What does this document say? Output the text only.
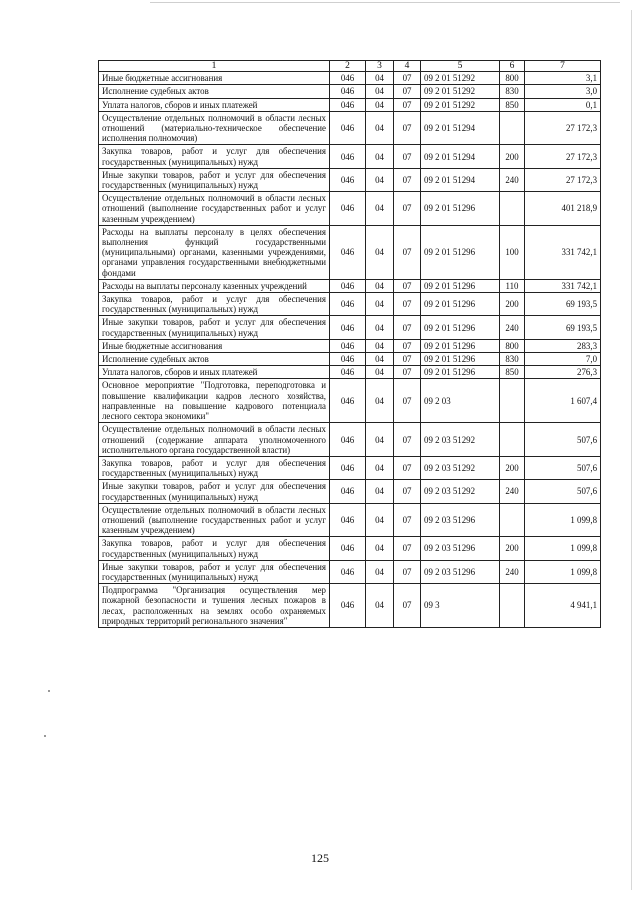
1	2	3	4	5	6	7
Иные бюджетные ассигнования	046	04	07	09 2 01 51292	800	3,1
Исполнение судебных актов	046	04	07	09 2 01 51292	830	3,0
Уплата налогов, сборов и иных платежей	046	04	07	09 2 01 51292	850	0,1
Осуществление отдельных полномочий в области лесных отношений (материально-техническое обеспечение исполнения полномочия)	046	04	07	09 2 01 51294		27 172,3
Закупка товаров, работ и услуг для обеспечения государственных (муниципальных) нужд	046	04	07	09 2 01 51294	200	27 172,3
Иные закупки товаров, работ и услуг для обеспечения государственных (муниципальных) нужд	046	04	07	09 2 01 51294	240	27 172,3
Осуществление отдельных полномочий в области лесных отношений (выполнение государственных работ и услуг казенным учреждением)	046	04	07	09 2 01 51296		401 218,9
Расходы на выплаты персоналу в целях обеспечения выполнения функций государственными (муниципальными) органами, казенными учреждениями, органами управления государственными внебюджетными фондами	046	04	07	09 2 01 51296	100	331 742,1
Расходы на выплаты персоналу казенных учреждений	046	04	07	09 2 01 51296	110	331 742,1
Закупка товаров, работ и услуг для обеспечения государственных (муниципальных) нужд	046	04	07	09 2 01 51296	200	69 193,5
Иные закупки товаров, работ и услуг для обеспечения государственных (муниципальных) нужд	046	04	07	09 2 01 51296	240	69 193,5
Иные бюджетные ассигнования	046	04	07	09 2 01 51296	800	283,3
Исполнение судебных актов	046	04	07	09 2 01 51296	830	7,0
Уплата налогов, сборов и иных платежей	046	04	07	09 2 01 51296	850	276,3
Основное мероприятие "Подготовка, переподготовка и повышение квалификации кадров лесного хозяйства, направленные на повышение кадрового потенциала лесного сектора экономики"	046	04	07	09 2 03		1 607,4
Осуществление отдельных полномочий в области лесных отношений (содержание аппарата уполномоченного исполнительного органа государственной власти)	046	04	07	09 2 03 51292		507,6
Закупка товаров, работ и услуг для обеспечения государственных (муниципальных) нужд	046	04	07	09 2 03 51292	200	507,6
Иные закупки товаров, работ и услуг для обеспечения государственных (муниципальных) нужд	046	04	07	09 2 03 51292	240	507,6
Осуществление отдельных полномочий в области лесных отношений (выполнение государственных работ и услуг казенным учреждением)	046	04	07	09 2 03 51296		1 099,8
Закупка товаров, работ и услуг для обеспечения государственных (муниципальных) нужд	046	04	07	09 2 03 51296	200	1 099,8
Иные закупки товаров, работ и услуг для обеспечения государственных (муниципальных) нужд	046	04	07	09 2 03 51296	240	1 099,8
Подпрограмма "Организация осуществления мер пожарной безопасности и тушения лесных пожаров в лесах, расположенных на землях особо охраняемых природных территорий регионального значения"	046	04	07	09 3		4 941,1
125
